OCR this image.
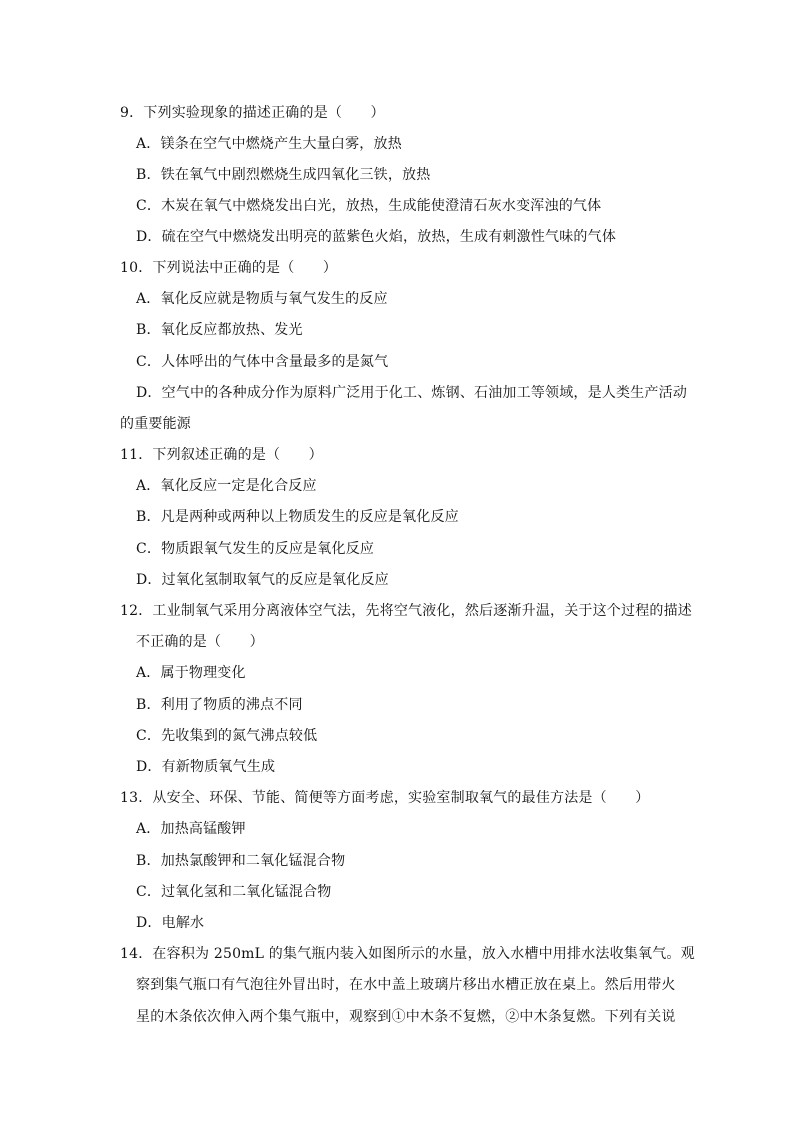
9．下列实验现象的描述正确的是（　　）
A．镁条在空气中燃烧产生大量白雾，放热
B．铁在氧气中剧烈燃烧生成四氧化三铁，放热
C．木炭在氧气中燃烧发出白光，放热，生成能使澄清石灰水变浑浊的气体
D．硫在空气中燃烧发出明亮的蓝紫色火焰，放热，生成有刺激性气味的气体
10．下列说法中正确的是（　　）
A．氧化反应就是物质与氧气发生的反应
B．氧化反应都放热、发光
C．人体呼出的气体中含量最多的是氮气
D．空气中的各种成分作为原料广泛用于化工、炼钢、石油加工等领域，是人类生产活动
的重要能源
11．下列叙述正确的是（　　）
A．氧化反应一定是化合反应
B．凡是两种或两种以上物质发生的反应是氧化反应
C．物质跟氧气发生的反应是氧化反应
D．过氧化氢制取氧气的反应是氧化反应
12．工业制氧气采用分离液体空气法，先将空气液化，然后逐渐升温，关于这个过程的描述
不正确的是（　　）
A．属于物理变化
B．利用了物质的沸点不同
C．先收集到的氮气沸点较低
D．有新物质氧气生成
13．从安全、环保、节能、简便等方面考虑，实验室制取氧气的最佳方法是（　　）
A．加热高锰酸钾
B．加热氯酸钾和二氧化锰混合物
C．过氧化氢和二氧化锰混合物
D．电解水
14．在容积为 250mL 的集气瓶内装入如图所示的水量，放入水槽中用排水法收集氧气。观
察到集气瓶口有气泡往外冒出时，在水中盖上玻璃片移出水槽正放在桌上。然后用带火
星的木条依次伸入两个集气瓶中，观察到①中木条不复燃，②中木条复燃。下列有关说
